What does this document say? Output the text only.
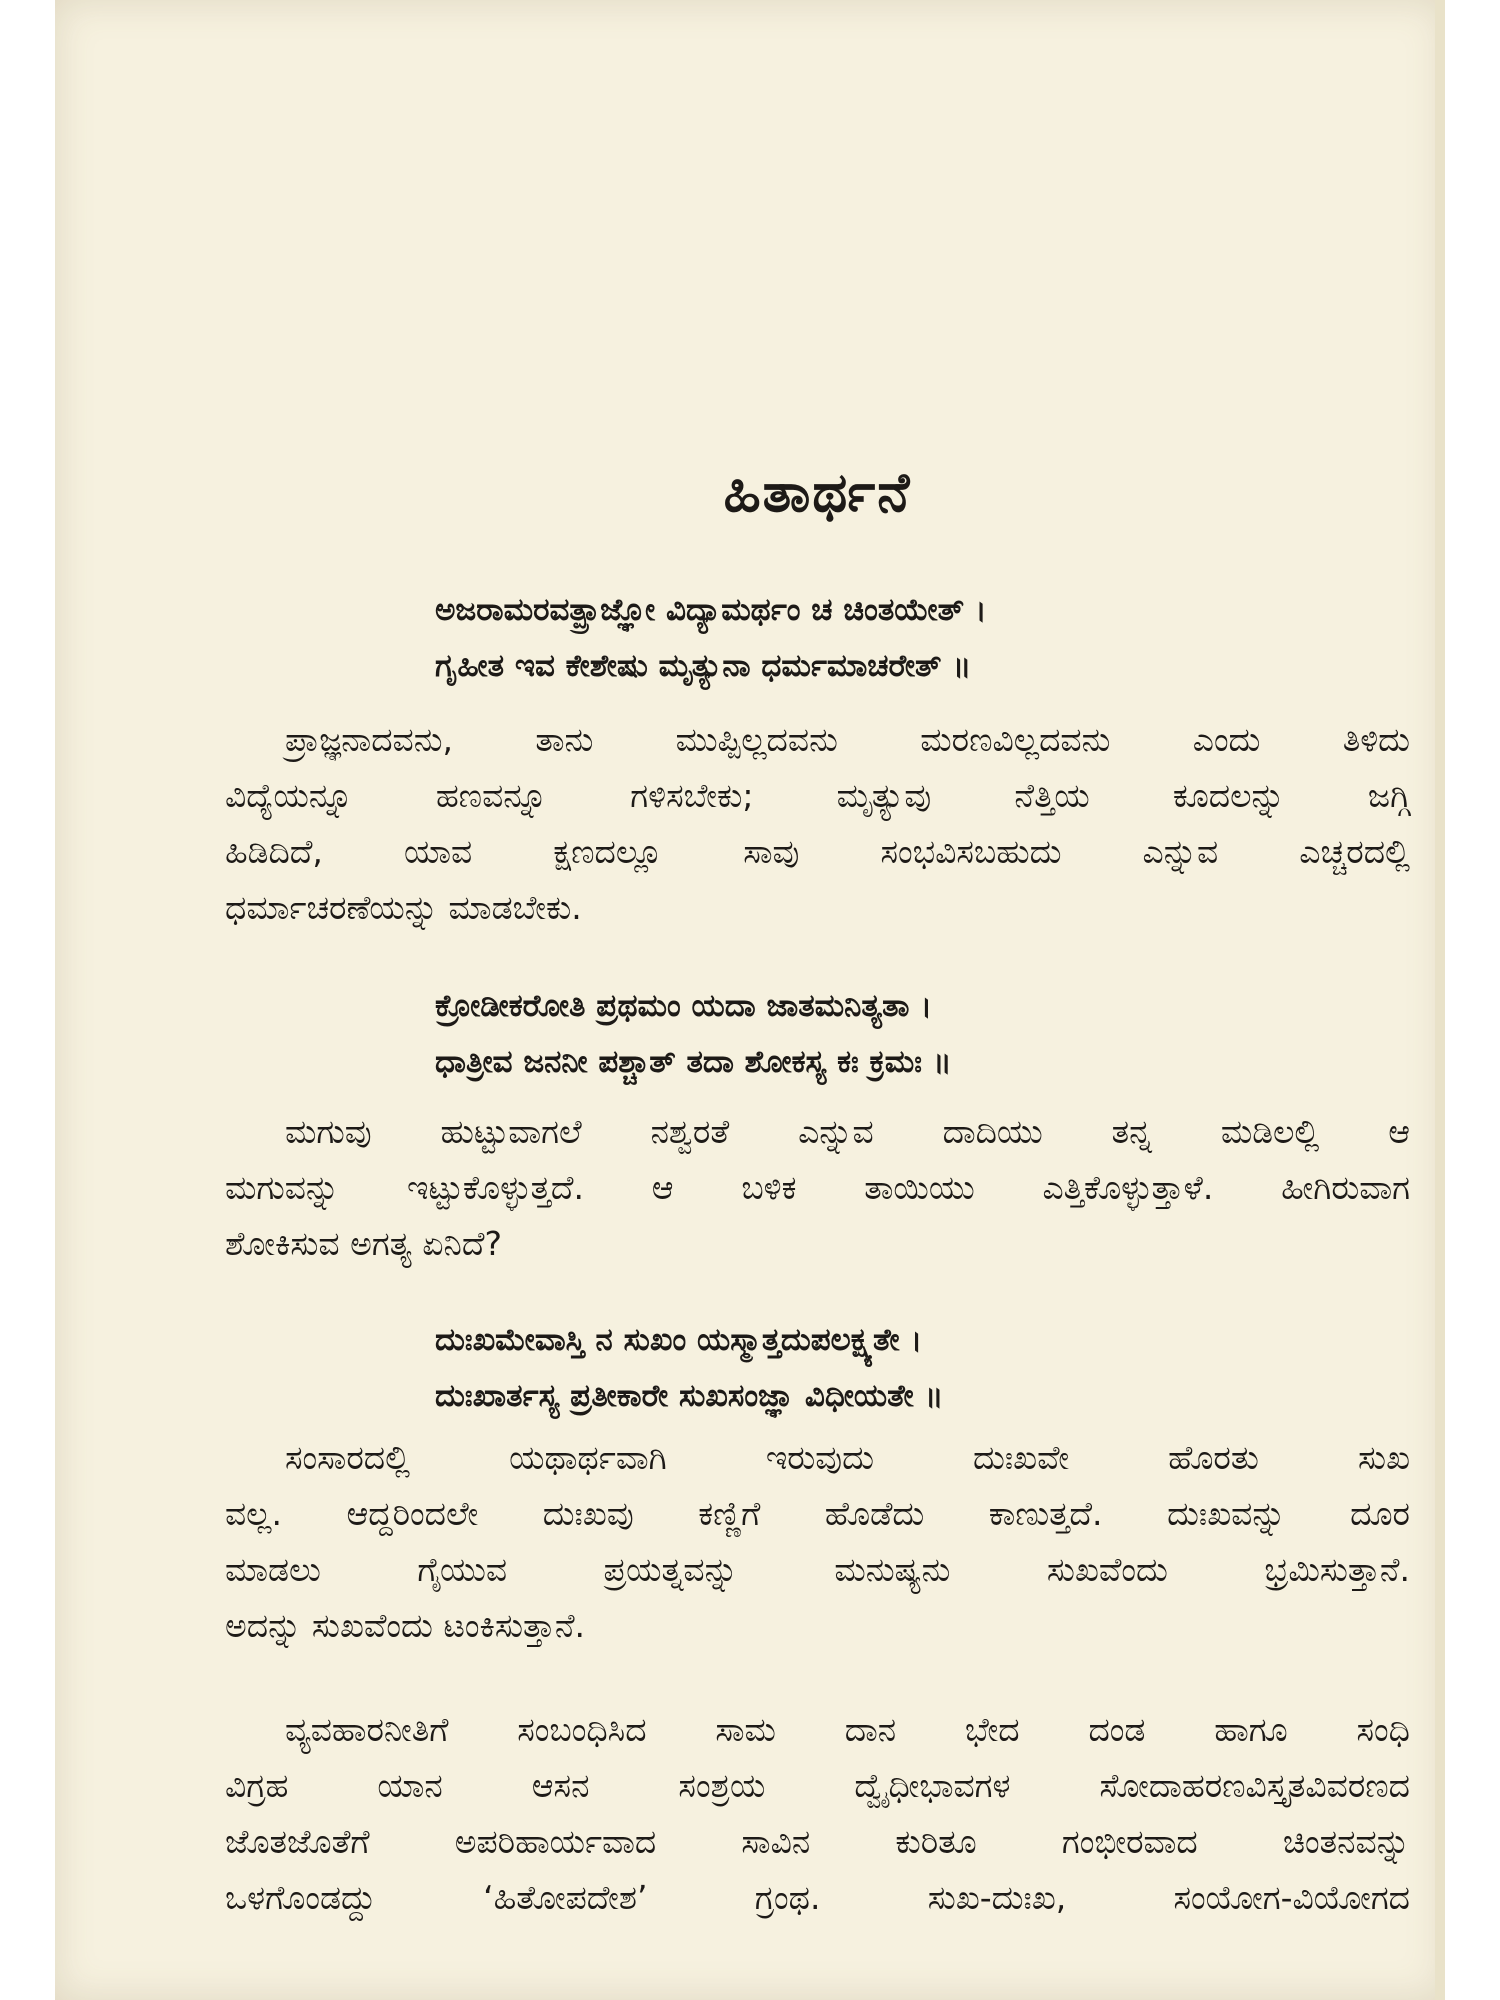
ಹಿತಾರ್ಥನೆ
ಅಜರಾಮರವತ್ಪ್ರಾಜ್ಞೋ ವಿದ್ಯಾಮರ್ಥಂ ಚ ಚಿಂತಯೇತ್ ।
ಗೃಹೀತ ಇವ ಕೇಶೇಷು ಮೃತ್ಯುನಾ ಧರ್ಮಮಾಚರೇತ್ ॥
ಪ್ರಾಜ್ಞನಾದವನು, ತಾನು ಮುಪ್ಪಿಲ್ಲದವನು ಮರಣವಿಲ್ಲದವನು ಎಂದು ತಿಳಿದು
ವಿದ್ಯೆಯನ್ನೂ ಹಣವನ್ನೂ ಗಳಿಸಬೇಕು; ಮೃತ್ಯುವು ನೆತ್ತಿಯ ಕೂದಲನ್ನು ಜಗ್ಗಿ
ಹಿಡಿದಿದೆ, ಯಾವ ಕ್ಷಣದಲ್ಲೂ ಸಾವು ಸಂಭವಿಸಬಹುದು ಎನ್ನುವ ಎಚ್ಚರದಲ್ಲಿ
ಧರ್ಮಾಚರಣೆಯನ್ನು ಮಾಡಬೇಕು.
ಕ್ರೋಡೀಕರೋತಿ ಪ್ರಥಮಂ ಯದಾ ಜಾತಮನಿತ್ಯತಾ ।
ಧಾತ್ರೀವ ಜನನೀ ಪಶ್ಚಾತ್ ತದಾ ಶೋಕಸ್ಯ ಕಃ ಕ್ರಮಃ ॥
ಮಗುವು ಹುಟ್ಟುವಾಗಲೆ ನಶ್ವರತೆ ಎನ್ನುವ ದಾದಿಯು ತನ್ನ ಮಡಿಲಲ್ಲಿ ಆ
ಮಗುವನ್ನು ಇಟ್ಟುಕೊಳ್ಳುತ್ತದೆ. ಆ ಬಳಿಕ ತಾಯಿಯು ಎತ್ತಿಕೊಳ್ಳುತ್ತಾಳೆ. ಹೀಗಿರುವಾಗ
ಶೋಕಿಸುವ ಅಗತ್ಯ ಏನಿದೆ?
ದುಃಖಮೇವಾಸ್ತಿ ನ ಸುಖಂ ಯಸ್ಮಾತ್ತದುಪಲಕ್ಷ್ಯತೇ ।
ದುಃಖಾರ್ತಸ್ಯ ಪ್ರತೀಕಾರೇ ಸುಖಸಂಜ್ಞಾ ವಿಧೀಯತೇ ॥
ಸಂಸಾರದಲ್ಲಿ ಯಥಾರ್ಥವಾಗಿ ಇರುವುದು ದುಃಖವೇ ಹೊರತು ಸುಖ
ವಲ್ಲ. ಆದ್ದರಿಂದಲೇ ದುಃಖವು ಕಣ್ಣಿಗೆ ಹೊಡೆದು ಕಾಣುತ್ತದೆ. ದುಃಖವನ್ನು ದೂರ
ಮಾಡಲು ಗೈಯುವ ಪ್ರಯತ್ನವನ್ನು ಮನುಷ್ಯನು ಸುಖವೆಂದು ಭ್ರಮಿಸುತ್ತಾನೆ.
ಅದನ್ನು ಸುಖವೆಂದು ಟಂಕಿಸುತ್ತಾನೆ.
ವ್ಯವಹಾರನೀತಿಗೆ ಸಂಬಂಧಿಸಿದ ಸಾಮ ದಾನ ಭೇದ ದಂಡ ಹಾಗೂ ಸಂಧಿ
ವಿಗ್ರಹ ಯಾನ ಆಸನ ಸಂಶ್ರಯ ದ್ವೈಧೀಭಾವಗಳ ಸೋದಾಹರಣವಿಸ್ತೃತವಿವರಣದ
ಜೊತಜೊತೆಗೆ ಅಪರಿಹಾರ್ಯವಾದ ಸಾವಿನ ಕುರಿತೂ ಗಂಭೀರವಾದ ಚಿಂತನವನ್ನು
ಒಳಗೊಂಡದ್ದು ‘ಹಿತೋಪದೇಶ’ ಗ್ರಂಥ. ಸುಖ-ದುಃಖ, ಸಂಯೋಗ-ವಿಯೋಗದ
